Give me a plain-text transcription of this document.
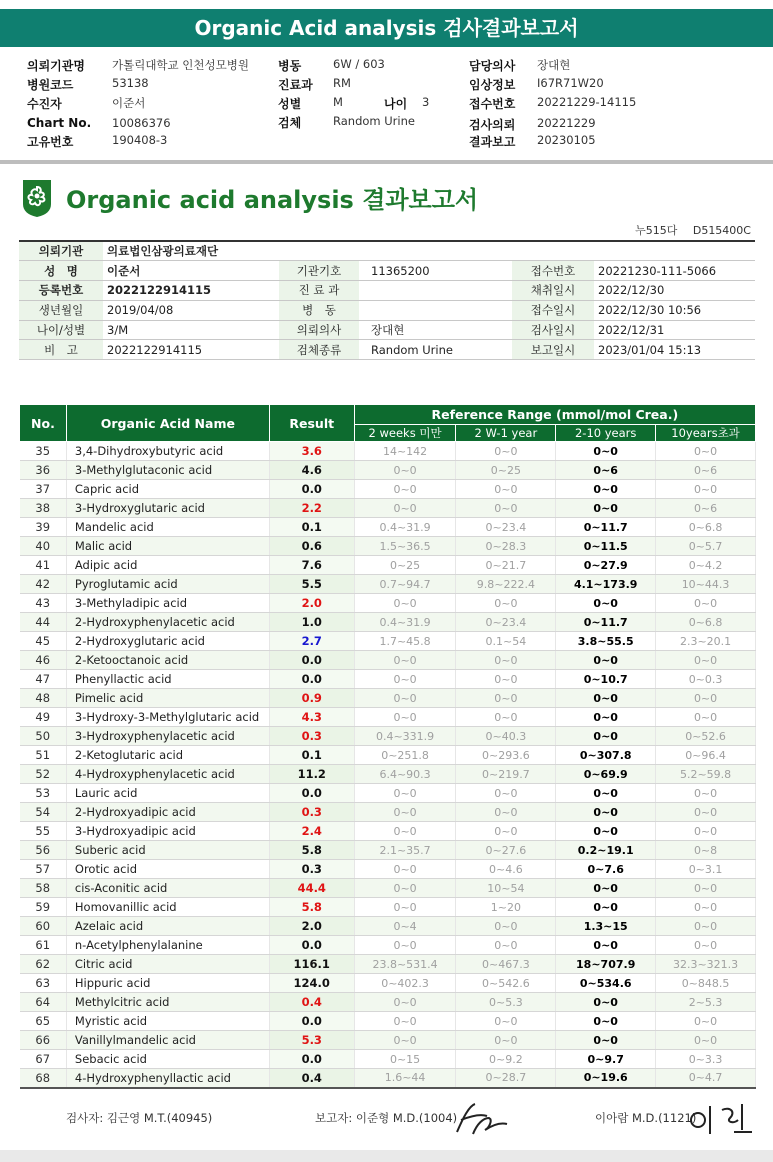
Organic Acid analysis 검사결과보고서
의뢰기관명 가톨릭대학교 인천성모병원
병원코드	53138
수진자	이준서
Chart No. 10086376
고유번호	190408-3
병동	6W / 603
진료과 RM
성별	M	나이 3
검체	Random Urine
담당의사 장대현
임상정보 I67R71W20
접수번호 20221229-14115
검사의뢰 20221229
결과보고 20230105
Organic acid analysis 결과보고서
누515다 D515400C
의뢰기관	의료법인삼광의료재단				
성　명	이준서	기관기호	11365200	접수번호	20221230-111-5066
등록번호	2022122914115	진 료 과		채취일시	2022/12/30
생년월일	2019/04/08	병　동		접수일시	2022/12/30 10:56
나이/성별	3/M	의뢰의사	장대현	검사일시	2022/12/31
비　고	2022122914115	검체종류	Random Urine	보고일시	2023/01/04 15:13
No.	Organic Acid Name	Result	Reference Range (mmol/mol Crea.)			
			2 weeks 미만	2 W-1 year	2-10 years	10years초과
35	3,4-Dihydroxybutyric acid	3.6	14~142	0~0	0~0	0~0
36	3-Methylglutaconic acid	4.6	0~0	0~25	0~6	0~6
37	Capric acid	0.0	0~0	0~0	0~0	0~0
38	3-Hydroxyglutaric acid	2.2	0~0	0~0	0~0	0~6
39	Mandelic acid	0.1	0.4~31.9	0~23.4	0~11.7	0~6.8
40	Malic acid	0.6	1.5~36.5	0~28.3	0~11.5	0~5.7
41	Adipic acid	7.6	0~25	0~21.7	0~27.9	0~4.2
42	Pyroglutamic acid	5.5	0.7~94.7	9.8~222.4	4.1~173.9	10~44.3
43	3-Methyladipic acid	2.0	0~0	0~0	0~0	0~0
44	2-Hydroxyphenylacetic acid	1.0	0.4~31.9	0~23.4	0~11.7	0~6.8
45	2-Hydroxyglutaric acid	2.7	1.7~45.8	0.1~54	3.8~55.5	2.3~20.1
46	2-Ketooctanoic acid	0.0	0~0	0~0	0~0	0~0
47	Phenyllactic acid	0.0	0~0	0~0	0~10.7	0~0.3
48	Pimelic acid	0.9	0~0	0~0	0~0	0~0
49	3-Hydroxy-3-Methylglutaric acid	4.3	0~0	0~0	0~0	0~0
50	3-Hydroxyphenylacetic acid	0.3	0.4~331.9	0~40.3	0~0	0~52.6
51	2-Ketoglutaric acid	0.1	0~251.8	0~293.6	0~307.8	0~96.4
52	4-Hydroxyphenylacetic acid	11.2	6.4~90.3	0~219.7	0~69.9	5.2~59.8
53	Lauric acid	0.0	0~0	0~0	0~0	0~0
54	2-Hydroxyadipic acid	0.3	0~0	0~0	0~0	0~0
55	3-Hydroxyadipic acid	2.4	0~0	0~0	0~0	0~0
56	Suberic acid	5.8	2.1~35.7	0~27.6	0.2~19.1	0~8
57	Orotic acid	0.3	0~0	0~4.6	0~7.6	0~3.1
58	cis-Aconitic acid	44.4	0~0	10~54	0~0	0~0
59	Homovanillic acid	5.8	0~0	1~20	0~0	0~0
60	Azelaic acid	2.0	0~4	0~0	1.3~15	0~0
61	n-Acetylphenylalanine	0.0	0~0	0~0	0~0	0~0
62	Citric acid	116.1	23.8~531.4	0~467.3	18~707.9	32.3~321.3
63	Hippuric acid	124.0	0~402.3	0~542.6	0~534.6	0~848.5
64	Methylcitric acid	0.4	0~0	0~5.3	0~0	2~5.3
65	Myristic acid	0.0	0~0	0~0	0~0	0~0
66	Vanillylmandelic acid	5.3	0~0	0~0	0~0	0~0
67	Sebacic acid	0.0	0~15	0~9.2	0~9.7	0~3.3
68	4-Hydroxyphenyllactic acid	0.4	1.6~44	0~28.7	0~19.6	0~4.7
검사자: 김근영 M.T.(40945)	보고자: 이준형 M.D.(1004)	이아람 M.D.(1121)
